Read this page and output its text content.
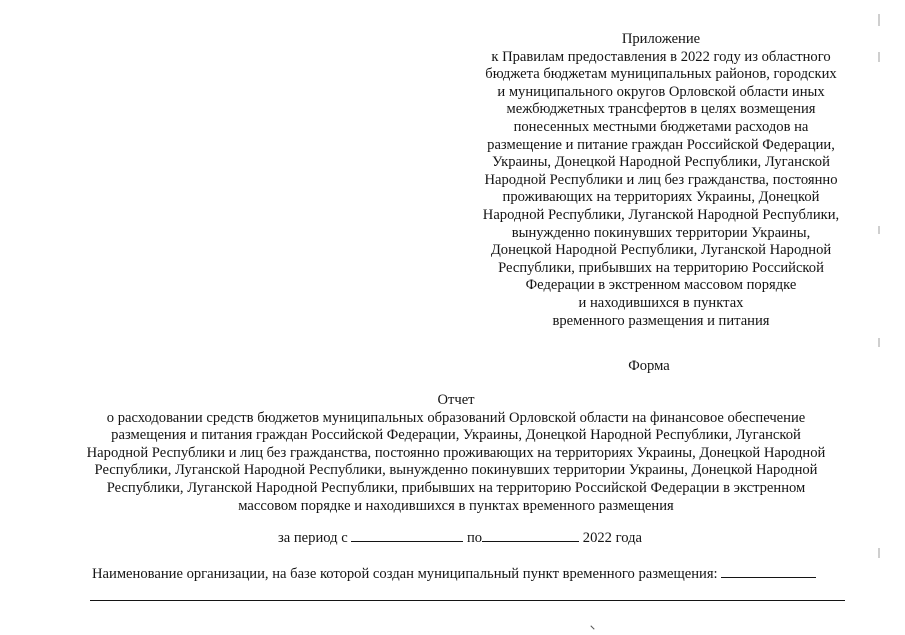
Приложение
к Правилам предоставления в 2022 году из областного
бюджета бюджетам муниципальных районов, городских
и муниципального округов Орловской области иных
межбюджетных трансфертов в целях возмещения
понесенных местными бюджетами расходов на
размещение и питание граждан Российской Федерации,
Украины, Донецкой Народной Республики, Луганской
Народной Республики и лиц без гражданства, постоянно
проживающих на территориях Украины, Донецкой
Народной Республики, Луганской Народной Республики,
вынужденно покинувших территории Украины,
Донецкой Народной Республики, Луганской Народной
Республики, прибывших на территорию Российской
Федерации в экстренном массовом порядке
и находившихся в пунктах
временного размещения и питания
Форма
Отчет
о расходовании средств бюджетов муниципальных образований Орловской области на финансовое обеспечение
размещения и питания граждан Российской Федерации, Украины, Донецкой Народной Республики, Луганской
Народной Республики и лиц без гражданства, постоянно проживающих на территориях Украины, Донецкой Народной
Республики, Луганской Народной Республики, вынужденно покинувших территории Украины, Донецкой Народной
Республики, Луганской Народной Республики, прибывших на территорию Российской Федерации в экстренном
массовом порядке и находившихся в пунктах временного размещения
за период с	по	2022 года
Наименование организации, на базе которой создан муниципальный пункт временного размещения:
